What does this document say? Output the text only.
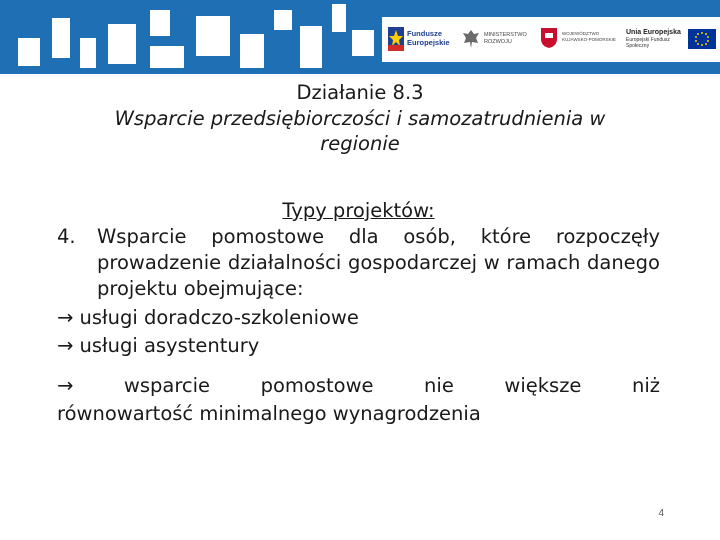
Fundusze
Europejskie
MINISTERSTWO
ROZWOJU
WOJEWÓDZTWO
KUJAWSKO-POMORSKIE
Unia Europejska
Europejski Fundusz
Społeczny
Działanie 8.3
Wsparcie przedsiębiorczości i samozatrudnienia w
regionie
Typy projektów:
4.	Wsparcie pomostowe dla osób, które rozpoczęły prowadzenie działalności gospodarczej w ramach danego projektu obejmujące:
→ usługi doradczo-szkoleniowe
→ usługi asystentury
→ wsparcie pomostowe nie większe niż
równowartość minimalnego wynagrodzenia
4
